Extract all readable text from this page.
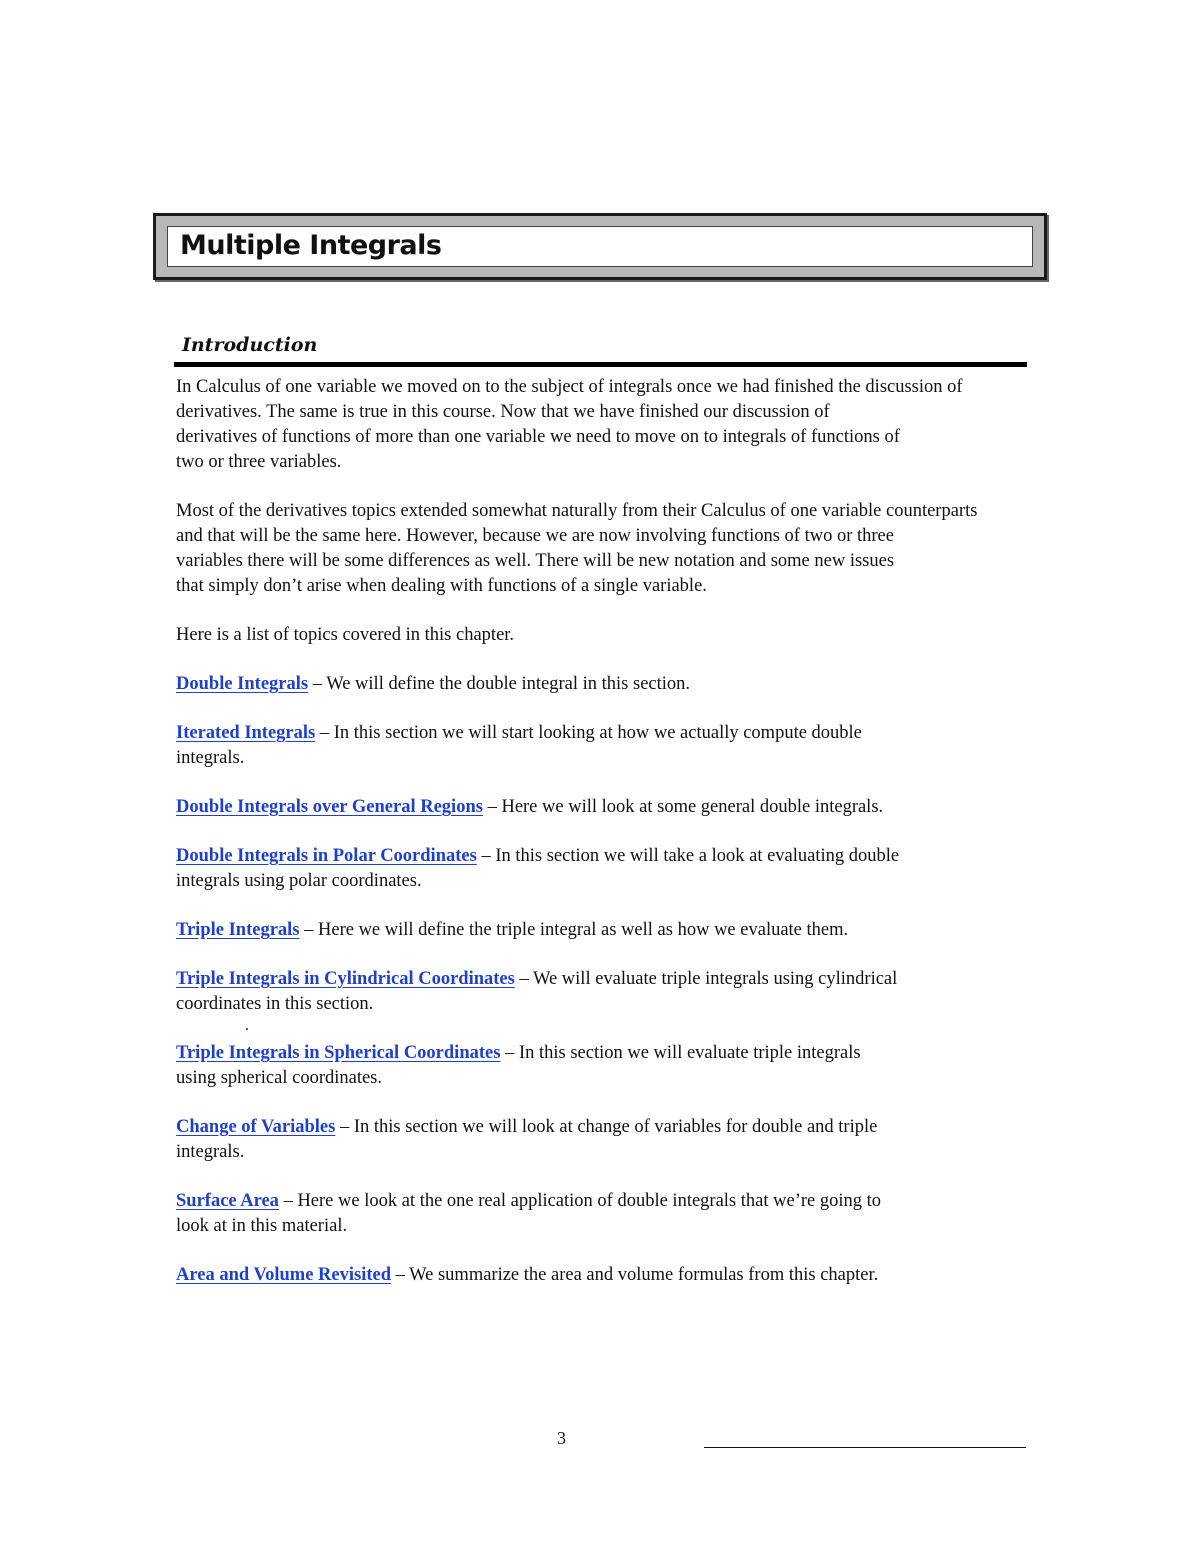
Multiple Integrals
Introduction

In Calculus of one variable we moved on to the subject of integrals once we had finished the discussion of
derivatives. The same is true in this course. Now that we have finished our discussion of
derivatives of functions of more than one variable we need to move on to integrals of functions of
two or three variables.

Most of the derivatives topics extended somewhat naturally from their Calculus of one variable counterparts
and that will be the same here. However, because we are now involving functions of two or three
variables there will be some differences as well. There will be new notation and some new issues
that simply don’t arise when dealing with functions of a single variable.

Here is a list of topics covered in this chapter.

Double Integrals – We will define the double integral in this section.
Iterated Integrals – In this section we will start looking at how we actually compute double
integrals.
Double Integrals over General Regions – Here we will look at some general double integrals.
Double Integrals in Polar Coordinates – In this section we will take a look at evaluating double
integrals using polar coordinates.
Triple Integrals – Here we will define the triple integral as well as how we evaluate them.
Triple Integrals in Cylindrical Coordinates – We will evaluate triple integrals using cylindrical
coordinates in this section.
.
Triple Integrals in Spherical Coordinates – In this section we will evaluate triple integrals
using spherical coordinates.
Change of Variables – In this section we will look at change of variables for double and triple
integrals.
Surface Area – Here we look at the one real application of double integrals that we’re going to
look at in this material.
Area and Volume Revisited – We summarize the area and volume formulas from this chapter.
3
